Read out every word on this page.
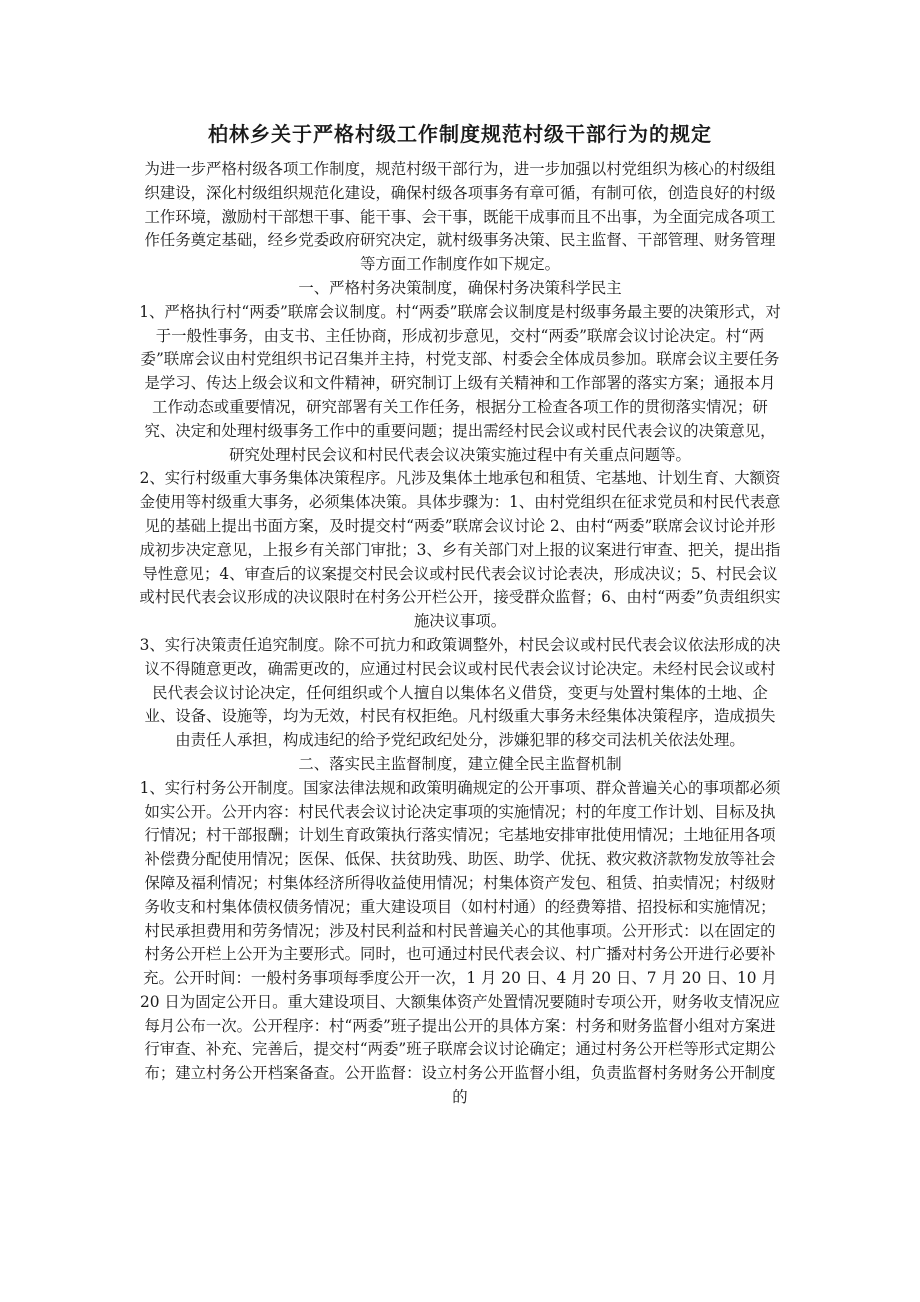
柏林乡关于严格村级工作制度规范村级干部行为的规定

为进一步严格村级各项工作制度，规范村级干部行为，进一步加强以村党组织为核心的村级组织建设，深化村级组织规范化建设，确保村级各项事务有章可循，有制可依，创造良好的村级工作环境，激励村干部想干事、能干事、会干事，既能干成事而且不出事，为全面完成各项工作任务奠定基础，经乡党委政府研究决定，就村级事务决策、民主监督、干部管理、财务管理等方面工作制度作如下规定。

一、严格村务决策制度，确保村务决策科学民主

1、严格执行村“两委”联席会议制度。村“两委”联席会议制度是村级事务最主要的决策形式，对于一般性事务，由支书、主任协商，形成初步意见，交村“两委”联席会议讨论决定。村“两委”联席会议由村党组织书记召集并主持，村党支部、村委会全体成员参加。联席会议主要任务是学习、传达上级会议和文件精神，研究制订上级有关精神和工作部署的落实方案；通报本月工作动态或重要情况，研究部署有关工作任务，根据分工检查各项工作的贯彻落实情况；研究、决定和处理村级事务工作中的重要问题；提出需经村民会议或村民代表会议的决策意见，研究处理村民会议和村民代表会议决策实施过程中有关重点问题等。

2、实行村级重大事务集体决策程序。凡涉及集体土地承包和租赁、宅基地、计划生育、大额资金使用等村级重大事务，必须集体决策。具体步骤为：1、由村党组织在征求党员和村民代表意见的基础上提出书面方案，及时提交村“两委”联席会议讨论 2、由村“两委”联席会议讨论并形成初步决定意见，上报乡有关部门审批；3、乡有关部门对上报的议案进行审查、把关，提出指导性意见；4、审查后的议案提交村民会议或村民代表会议讨论表决，形成决议；5、村民会议或村民代表会议形成的决议限时在村务公开栏公开，接受群众监督；6、由村“两委”负责组织实施决议事项。

3、实行决策责任追究制度。除不可抗力和政策调整外，村民会议或村民代表会议依法形成的决议不得随意更改，确需更改的，应通过村民会议或村民代表会议讨论决定。未经村民会议或村民代表会议讨论决定，任何组织或个人擅自以集体名义借贷，变更与处置村集体的土地、企业、设备、设施等，均为无效，村民有权拒绝。凡村级重大事务未经集体决策程序，造成损失由责任人承担，构成违纪的给予党纪政纪处分，涉嫌犯罪的移交司法机关依法处理。

二、落实民主监督制度，建立健全民主监督机制

1、实行村务公开制度。国家法律法规和政策明确规定的公开事项、群众普遍关心的事项都必须如实公开。公开内容：村民代表会议讨论决定事项的实施情况；村的年度工作计划、目标及执行情况；村干部报酬；计划生育政策执行落实情况；宅基地安排审批使用情况；土地征用各项补偿费分配使用情况；医保、低保、扶贫助残、助医、助学、优抚、救灾救济款物发放等社会保障及福利情况；村集体经济所得收益使用情况；村集体资产发包、租赁、拍卖情况；村级财务收支和村集体债权债务情况；重大建设项目（如村村通）的经费筹措、招投标和实施情况；村民承担费用和劳务情况；涉及村民利益和村民普遍关心的其他事项。公开形式：以在固定的村务公开栏上公开为主要形式。同时，也可通过村民代表会议、村广播对村务公开进行必要补充。公开时间：一般村务事项每季度公开一次，1 月 20 日、4 月 20 日、7 月 20 日、10 月 20 日为固定公开日。重大建设项目、大额集体资产处置情况要随时专项公开，财务收支情况应每月公布一次。公开程序：村“两委”班子提出公开的具体方案：村务和财务监督小组对方案进行审查、补充、完善后，提交村“两委”班子联席会议讨论确定；通过村务公开栏等形式定期公布；建立村务公开档案备查。公开监督：设立村务公开监督小组，负责监督村务财务公开制度的
